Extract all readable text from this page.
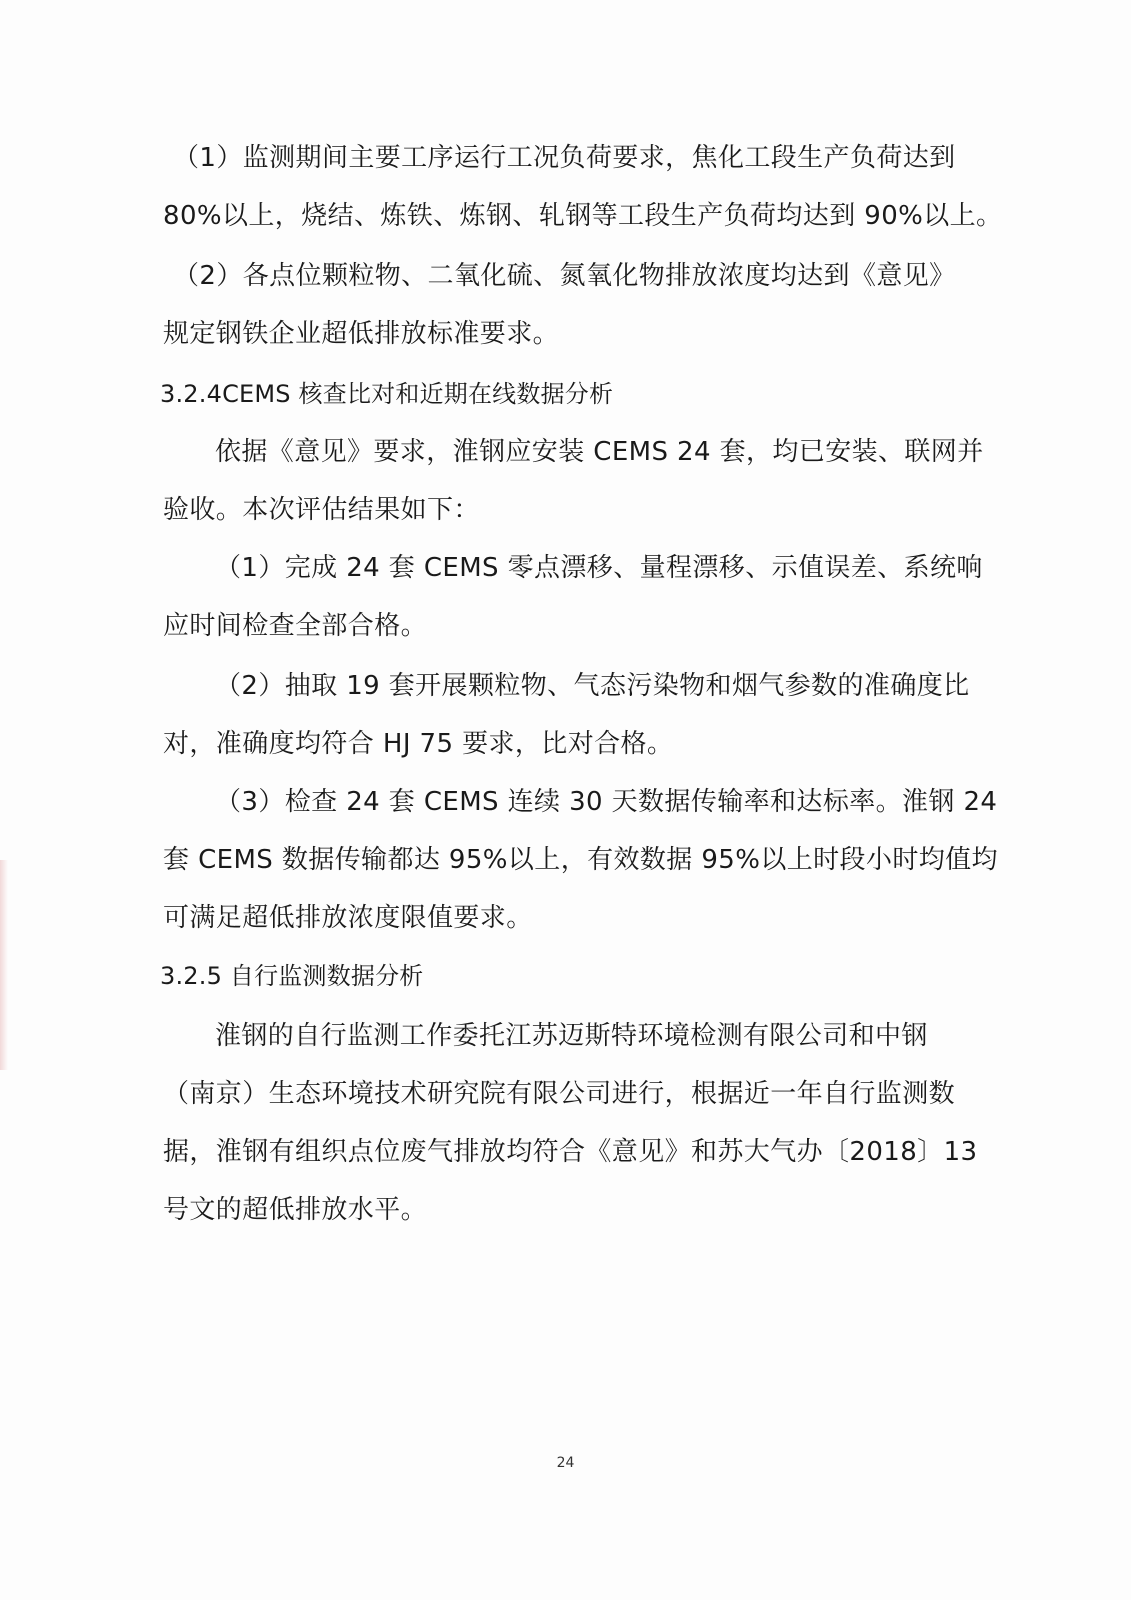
（1）监测期间主要工序运行工况负荷要求，焦化工段生产负荷达到
80%以上，烧结、炼铁、炼钢、轧钢等工段生产负荷均达到 90%以上。
（2）各点位颗粒物、二氧化硫、氮氧化物排放浓度均达到《意见》
规定钢铁企业超低排放标准要求。
3.2.4CEMS 核查比对和近期在线数据分析
依据《意见》要求，淮钢应安装 CEMS 24 套，均已安装、联网并
验收。本次评估结果如下：
（1）完成 24 套 CEMS 零点漂移、量程漂移、示值误差、系统响
应时间检查全部合格。
（2）抽取 19 套开展颗粒物、气态污染物和烟气参数的准确度比
对，准确度均符合 HJ 75 要求，比对合格。
（3）检查 24 套 CEMS 连续 30 天数据传输率和达标率。淮钢 24
套 CEMS 数据传输都达 95%以上，有效数据 95%以上时段小时均值均
可满足超低排放浓度限值要求。
3.2.5 自行监测数据分析
淮钢的自行监测工作委托江苏迈斯特环境检测有限公司和中钢
（南京）生态环境技术研究院有限公司进行，根据近一年自行监测数
据，淮钢有组织点位废气排放均符合《意见》和苏大气办〔2018〕13
号文的超低排放水平。
24
